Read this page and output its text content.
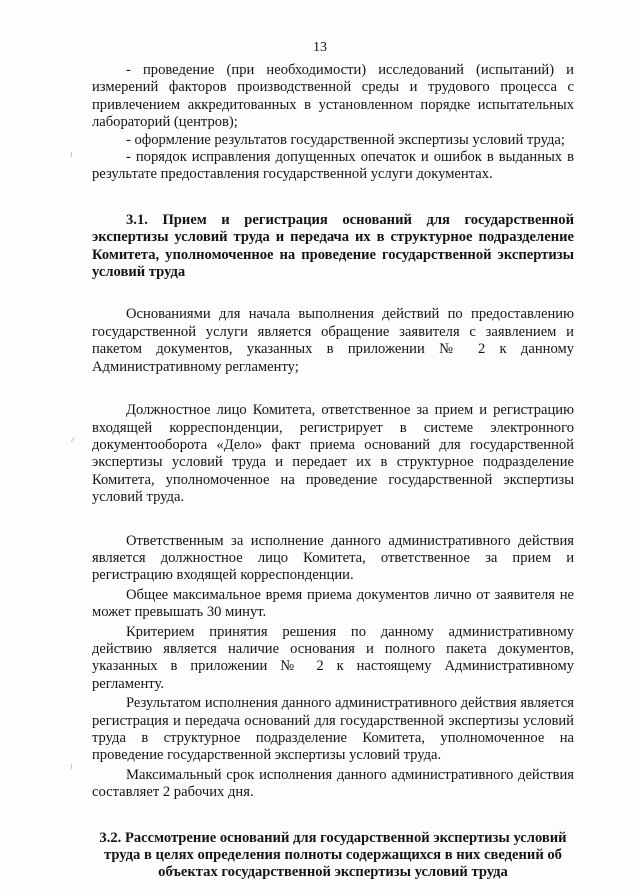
13
⁾
⸝
⁾

- проведение (при необходимости) исследований (испытаний) и измерений факторов производственной среды и трудового процесса с привлечением аккредитованных в установленном порядке испытательных лабораторий (центров);

- оформление результатов государственной экспертизы условий труда;

- порядок исправления допущенных опечаток и ошибок в выданных в результате предоставления государственной услуги документах.

3.1. Прием и регистрация оснований для государственной экспертизы условий труда и передача их в структурное подразделение Комитета, уполномоченное на проведение государственной экспертизы условий труда

Основаниями для начала выполнения действий по предоставлению государственной услуги является обращение заявителя с заявлением и пакетом документов, указанных в приложении № 2 к данному Административному регламенту;

Должностное лицо Комитета, ответственное за прием и регистрацию входящей корреспонденции, регистрирует в системе электронного документооборота «Дело» факт приема оснований для государственной экспертизы условий труда и передает их в структурное подразделение Комитета, уполномоченное на проведение государственной экспертизы условий труда.

Ответственным за исполнение данного административного действия является должностное лицо Комитета, ответственное за прием и регистрацию входящей корреспонденции.

Общее максимальное время приема документов лично от заявителя не может превышать 30 минут.

Критерием принятия решения по данному административному действию является наличие основания и полного пакета документов, указанных в приложении № 2 к настоящему Административному регламенту.

Результатом исполнения данного административного действия является регистрация и передача оснований для государственной экспертизы условий труда в структурное подразделение Комитета, уполномоченное на проведение государственной экспертизы условий труда.

Максимальный срок исполнения данного административного действия составляет 2 рабочих дня.

3.2. Рассмотрение оснований для государственной экспертизы условий труда в целях определения полноты содержащихся в них сведений об объектах государственной экспертизы условий труда
